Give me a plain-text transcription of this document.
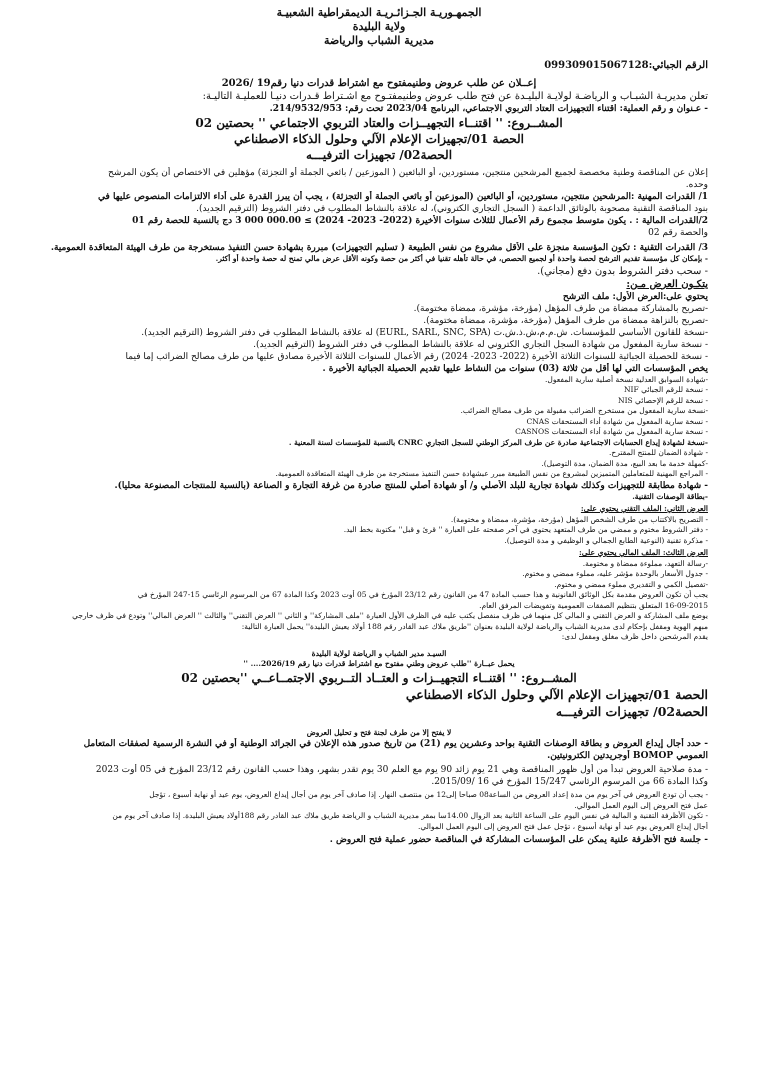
الجمهـوريـة الجـزائـريـة الديمقراطية الشعبيـة
ولاية البليدة
مديرية الشباب والرياضة
الرقم الجبائي:099309015067128
إعــلان عن طلب عروض وطنيمفتوح مع اشتراط قدرات دنيا رقم19 /2026
تعلن مديريـة الشبـاب و الرياضـة لولايـة البليـدة عن فتح طلب عروض وطنيمفتـوح مع اشـتراط قـدرات دنيـا للعمليـة التاليـة:
- عـنوان و رقم العملية: اقتناء التجهيزات العتاد التربوي الاجتماعي، البرنامج 2023/04 تحت رقم: 214/9532/953.
المشــروع: '' اقتنــاء التجهيــزات والعتاد التربوي الاجتماعي '' بحصتين 02
الحصة 01/تجهيزات الإعلام الآلي وحلول الذكاء الاصطناعي
الحصة02/ تجهيزات الترفيـــه
إعلان عن المناقصة وطنية مخصصة لجميع المرشحين منتجين، مستوردين، أو البائعين ( الموزعين / بائعي الجملة أو التجزئة) مؤهلين في الاختصاص أن يكون المرشح
وحده.
1/ القدرات المهنية :المرشحين منتجين، مستوردين، أو البائعين (الموزعين أو بائعي الجملة أو التجزئة) ، يجب أن يبرز القدرة على أداء الالتزامات المنصوص عليها في
بنود المناقصة التقنية مصحوبة بالوثائق الداعمة ( السجل التجاري الكتروني)، له علاقة بالنشاط المطلوب في دفتر الشروط (الترقيم الجديد).
2/القدرات المالية : . يكون متوسط مجموع رقم الأعمال للثلاث سنوات الأخيرة (2022- 2023- 2024) ≥ 000.00 000 3 دج بالنسبة للحصة رقم 01
والحصة رقم 02
3/ القدرات التقنية : تكون المؤسسة منجزة على الأقل مشروع من نفس الطبيعة ( تسليم التجهيزات) مبررة بشهادة حسن التنفيذ مستخرجة من طرف الهيئة المتعاقدة العمومية.
- بإمكان كل مؤسسة تقديم الترشح لحصة واحدة أو لجميع الحصص، في حالة تأهله تقنيا في أكثر من حصة وكونه الأقل عرض مالي تمنح له حصة واحدة أو أكثر.
- سحب دفتر الشروط بدون دفع (مجاني).
يتكـون العرض مـن:
يحتوي على:العرض الأول: ملف الترشح
-تصريح بالمشاركة ممضاة من طرف المؤهل (مؤرخة، مؤشرة، ممضاة مختومة).
-تصريح بالنزاهة ممضاة من طرف المؤهل (مؤرخة، مؤشرة، ممضاة مختومة).
-نسخة للقانون الأساسي للمؤسسات. ش.م.م،ش.ذ.ش.ت (EURL, SARL, SNC, SPA) له علاقة بالنشاط المطلوب في دفتر الشروط (الترقيم الجديد).
- نسخة سارية المفعول من شهادة السجل التجاري الكتروني له علاقة بالنشاط المطلوب في دفتر الشروط (الترقيم الجديد).
- نسخة للحصيلة الجبائية للسنوات الثلاثة الأخيرة (2022- 2023- 2024) رقم الأعمال للسنوات الثلاثة الأخيرة مصادق عليها من طرف مصالح الضرائب إما فيما
يخص المؤسسات التي لها أقل من ثلاثة (03) سنوات من النشاط عليها تقديم الحصيلة الجبائية الأخيرة .
-شهادة السوابق العدلية نسخة أصلية سارية المفعول.
- نسخة للرقم الجبائي NIF
- نسخة للرقم الإحصائي NIS
-نسخة سارية المفعول من مستخرج الضرائب مقبولة من طرف مصالح الضرائب.
- نسخة سارية المفعول من شهادة أداء المستحقات CNAS
- نسخة سارية المفعول من شهادة أداء المستحقات CASNOS
-نسخة لشهادة إيداع الحسابات الاجتماعية صادرة عن طرف المركز الوطني للسجل التجاري CNRC بالنسبة للمؤسسات لسنة المعنية .
- شهادة الضمان للمنتج المقترح.
-كمهلة خدمة ما بعد البيع، مدة الضمان، مدة التوصيل).
- المراجع المهنية للمتعاملين المتميزين لمشروع من نفس الطبيعة مبرر عبشهادة حسن التنفيذ مستخرجة من طرف الهيئة المتعاقدة العمومية.
- شهادة مطابقة للتجهيزات وكذلك شهادة تجارية للبلد الأصلي و/ أو شهادة أصلي للمنتج صادرة من غرفة التجارة و الصناعة (بالنسبة للمنتجات المصنوعة محليا).
-بطاقة الوصفات التقنية.
العرض الثاني: الملف التقني يحتوي على:
- التصريح بالاكتتاب من طرف الشخص المؤهل (مؤرخة، مؤشرة، ممضاة و مختومة).
- دفتر الشروط مختوم و ممضي من طرف المتعهد يحتوي في آخر صفحته على العبارة '' قرئ و قبل'' مكتوبة بخط اليد.
- مذكرة تقنية (النوعية الطابع الجمالي و الوظيفي و مدة التوصيل).
العرض الثالث: الملف المالي يحتوي على:
-رسالة التعهد، مملوءة ممضاة و مختومة.
- جدول الأسعار بالوحدة مؤشر عليه، مملوء ممضي و مختوم.
-تفصيل الكمي و التقديري مملوء ممضي و مختوم.
يجب أن تكون العروض مقدمة بكل الوثائق القانونية و هذا حسب المادة 47 من القانون رقم 23/12 المؤرخ في 05 أوت 2023 وكذا المادة 67 من المرسوم الرئاسي 15-247 المؤرخ في
16-09-2015 المتعلق بتنظيم الصفقات العمومية وتفويضات المرفق العام.
يوضع ملف المشاركة و العرض التقني و المالي كل منهما في ظرف منفصل يكتب عليه في الظرف الأول العبارة ''ملف المشاركة'' و الثاني '' العرض التقني'' والثالث '' العرض المالي'' وتودع في ظرف خارجي
مبهم الهوية ومقفل بإحكام لدى مديرية الشباب والرياضة لولاية البليدة بعنوان ''طريق ملاك عبد القادر رقم 188 أولاد يعيش البليدة'' يحمل العبارة التالية:
يقدم المرشحين داخل ظرف مغلق ومقفل لدى:
السيـد مدير الشباب و الرياضة لولاية البليدة
يحمل عبــارة ''طلب عروض وطني مفتوح مع اشتراط قدرات دنيا رقم 2026/19.... ''
المشــروع: '' اقتنــاء التجهيــزات و العتــاد التــربوي الاجتمــاعــي ''بحصتين 02
الحصة 01/تجهيزات الإعلام الآلي وحلول الذكاء الاصطناعي
الحصة02/ تجهيزات الترفيـــه
لا يفتح إلا من طرف لجنة فتح و تحليل العروض
- حدد أجال إيداع العروض و بطاقة الوصفات التقنية بواحد وعشرين يوم (21) من تاريخ صدور هذه الإعلان في الجرائد الوطنية أو في النشرة الرسمية لصفقات المتعامل
العمومي BOMOP أوجريدتين الكترونيتين.
- مدة صلاحية العروض تبدأ من أول ظهور المناقصة وهي 21 يوم زائد 90 يوم مع العلم 30 يوم تقدر بشهر، وهذا حسب القانون رقم 23/12 المؤرخ في 05 أوت 2023
وكذا المادة 66 من المرسوم الرئاسي 15/247 المؤرخ في 16 /2015/09.
- يجب أن تودع العروض في آخر يوم من مدة إعداد العروض من الساعة08 صباحا إلى12 من منتصف النهار. إذا صادف آخر يوم من أجال إيداع العروض، يوم عيد أو نهاية أسبوع ، تؤجل
عمل فتح العروض إلى اليوم العمل الموالي.
- تكون الأظرفة التقنية و المالية في نفس اليوم على الساعة الثانية بعد الزوال 14.00سا بمقر مديرية الشباب و الرياضة طريق ملاك عبد القادر رقم 188أولاد يعيش البليدة. إذا صادف آخر يوم من
أجال إيداع العروض يوم عيد أو نهاية أسبوع ، تؤجل عمل فتح العروض إلى اليوم العمل الموالي.
- جلسة فتح الأظرفة علنية يمكن على المؤسسات المشاركة في المناقصة حضور عملية فتح العروض .
